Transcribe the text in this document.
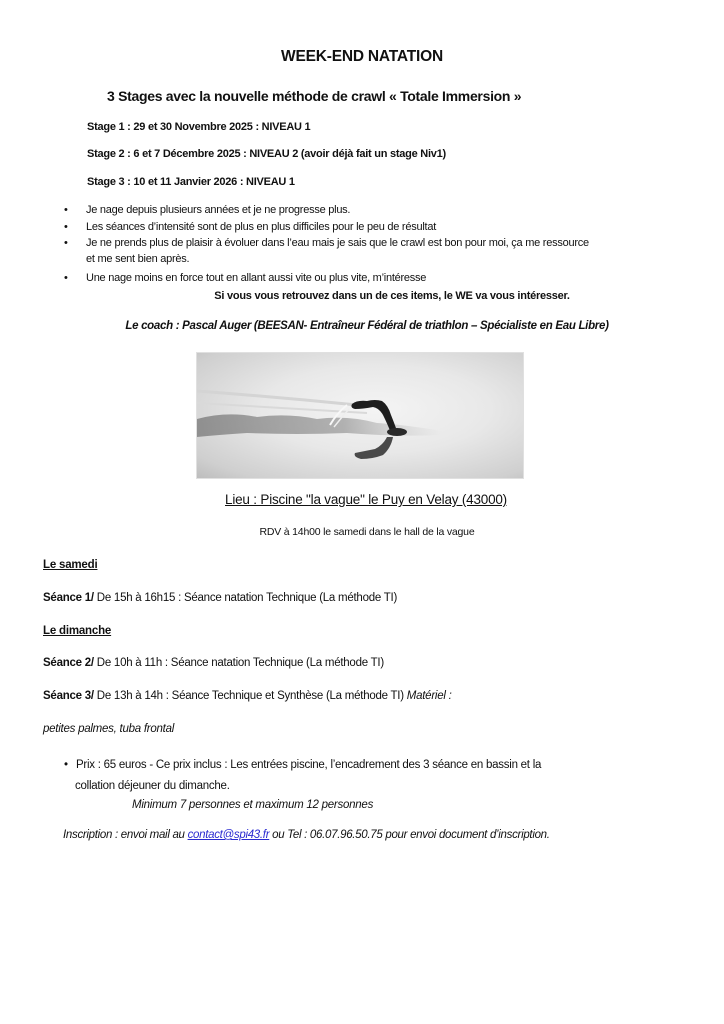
WEEK-END NATATION
3 Stages avec la nouvelle méthode de crawl « Totale Immersion »
Stage 1 : 29 et 30 Novembre 2025 : NIVEAU 1
Stage 2 : 6 et 7 Décembre 2025 : NIVEAU 2 (avoir déjà fait un stage Niv1)
Stage 3 : 10 et 11 Janvier 2026 : NIVEAU 1
• Je nage depuis plusieurs années et je ne progresse plus.
• Les séances d’intensité sont de plus en plus difficiles pour le peu de résultat
• Je ne prends plus de plaisir à évoluer dans l’eau mais je sais que le crawl est bon pour moi, ça me ressource
et me sent bien après.
• Une nage moins en force tout en allant aussi vite ou plus vite, m’intéresse
Si vous vous retrouvez dans un de ces items, le WE va vous intéresser.
Le coach : Pascal Auger (BEESAN- Entraîneur Fédéral de triathlon – Spécialiste en Eau Libre)
Lieu : Piscine "la vague" le Puy en Velay (43000)
RDV à 14h00 le samedi dans le hall de la vague
Le samedi
Séance 1/ De 15h à 16h15 : Séance natation Technique (La méthode TI)
Le dimanche
Séance 2/ De 10h à 11h : Séance natation Technique (La méthode TI)
Séance 3/ De 13h à 14h : Séance Technique et Synthèse (La méthode TI) Matériel :
petites palmes, tuba frontal
• Prix : 65 euros - Ce prix inclus : Les entrées piscine, l’encadrement des 3 séance en bassin et la
collation déjeuner du dimanche.
Minimum 7 personnes et maximum 12 personnes
Inscription : envoi mail au contact@spi43.fr ou Tel : 06.07.96.50.75 pour envoi document d’inscription.
